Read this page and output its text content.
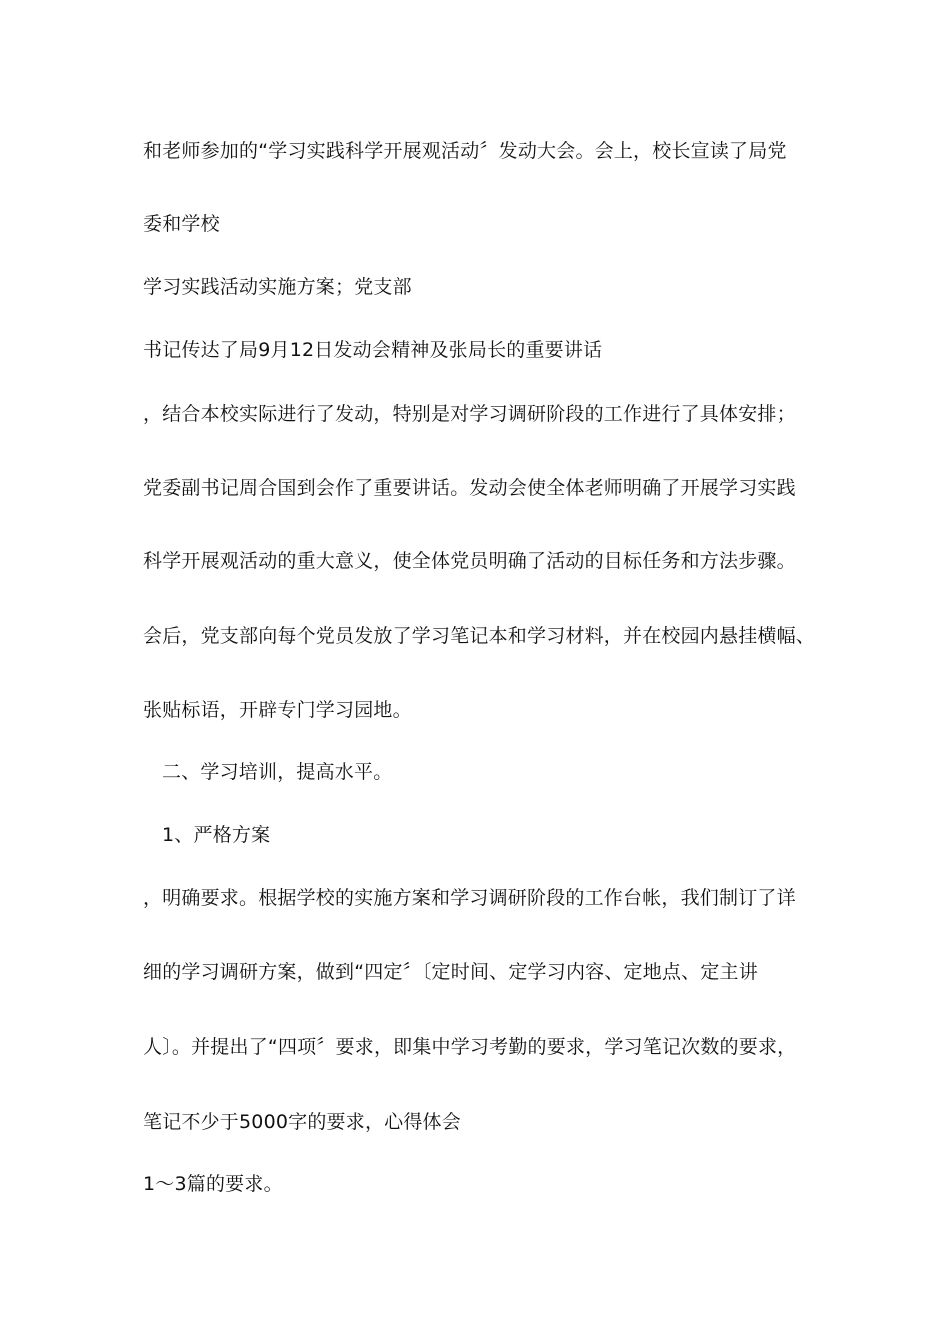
和老师参加的“学习实践科学开展观活动〞发动大会。会上，校长宣读了局党
委和学校
学习实践活动实施方案；党支部
书记传达了局9月12日发动会精神及张局长的重要讲话
，结合本校实际进行了发动，特别是对学习调研阶段的工作进行了具体安排；
党委副书记周合国到会作了重要讲话。发动会使全体老师明确了开展学习实践
科学开展观活动的重大意义，使全体党员明确了活动的目标任务和方法步骤。
会后，党支部向每个党员发放了学习笔记本和学习材料，并在校园内悬挂横幅、
张贴标语，开辟专门学习园地。
二、学习培训，提高水平。
1、严格方案
，明确要求。根据学校的实施方案和学习调研阶段的工作台帐，我们制订了详
细的学习调研方案，做到“四定〞〔定时间、定学习内容、定地点、定主讲
人〕。并提出了“四项〞要求，即集中学习考勤的要求，学习笔记次数的要求，
笔记不少于5000字的要求，心得体会
1～3篇的要求。
